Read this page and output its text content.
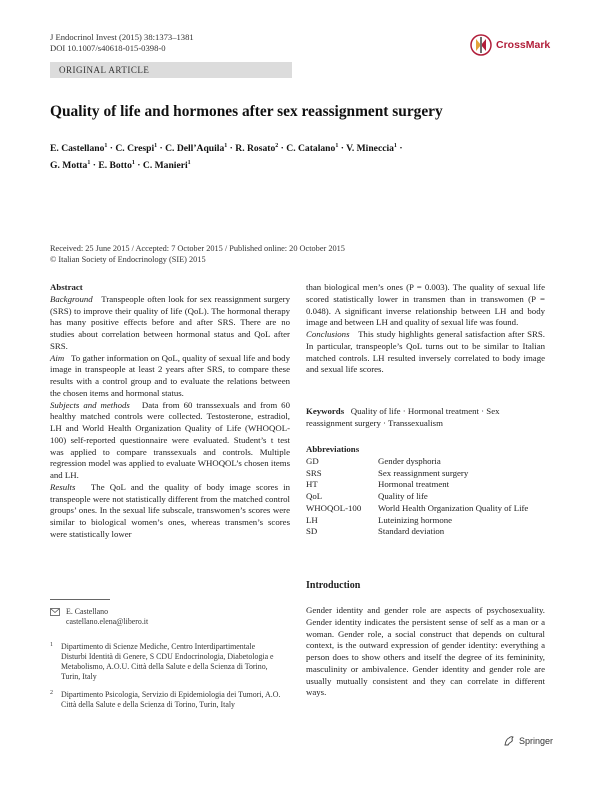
J Endocrinol Invest (2015) 38:1373–1381
DOI 10.1007/s40618-015-0398-0	CrossMark
ORIGINAL ARTICLE
Quality of life and hormones after sex reassignment surgery
E. Castellano$^1$ · C. Crespi$^1$ · C. Dell’Aquila$^1$ · R. Rosato$^2$ · C. Catalano$^1$ · V. Mineccia$^1$ ·
G. Motta$^1$ · E. Botto$^1$ · C. Manieri$^1$
Received: 25 June 2015 / Accepted: 7 October 2015 / Published online: 20 October 2015
© Italian Society of Endocrinology (SIE) 2015

Abstract

Background Transpeople often look for sex reassignment surgery (SRS) to improve their quality of life (QoL). The hormonal therapy has many positive effects before and after SRS. There are no studies about correlation between hormonal status and QoL after SRS.

Aim To gather information on QoL, quality of sexual life and body image in transpeople at least 2 years after SRS, to compare these results with a control group and to evaluate the relations between the chosen items and hormonal status.

Subjects and methods Data from 60 transsexuals and from 60 healthy matched controls were collected. Testosterone, estradiol, LH and World Health Organization Quality of Life (WHOQOL-100) self-reported questionnaire were evaluated. Student’s t test was applied to compare transsexuals and controls. Multiple regression model was applied to evaluate WHOQOL’s chosen items and LH.

Results The QoL and the quality of body image scores in transpeople were not statistically different from the matched control groups’ ones. In the sexual life subscale, transwomen’s scores were similar to biological women’s ones, whereas transmen’s scores were statistically lower

E. Castellano
castellano.elena@libero.it
1 Dipartimento di Scienze Mediche, Centro Interdipartimentale Disturbi Identità di Genere, S CDU Endocrinologia, Diabetologia e Metabolismo, A.O.U. Città della Salute e della Scienza di Torino, Turin, Italy
2 Dipartimento Psicologia, Servizio di Epidemiologia dei Tumori, A.O. Città della Salute e della Scienza di Torino, Turin, Italy

than biological men’s ones (P = 0.003). The quality of sexual life scored statistically lower in transmen than in transwomen (P = 0.048). A significant inverse relationship between LH and body image and between LH and quality of sexual life was found.

Conclusions This study highlights general satisfaction after SRS. In particular, transpeople’s QoL turns out to be similar to Italian matched controls. LH resulted inversely correlated to body image and sexual life scores.

Keywords Quality of life · Hormonal treatment · Sex reassignment surgery · Transsexualism
Abbreviations
GD	Gender dysphoria
SRS	Sex reassignment surgery
HT	Hormonal treatment
QoL	Quality of life
WHOQOL-100	World Health Organization Quality of Life
LH	Luteinizing hormone
SD	Standard deviation
Introduction
Gender identity and gender role are aspects of psychosexuality. Gender identity indicates the persistent sense of self as a man or a woman. Gender role, a social construct that depends on cultural context, is the outward expression of gender identity: everything a person does to show others and itself the degree of its femininity, masculinity or ambivalence. Gender identity and gender role are usually mutually consistent and they can correlate in different ways.
Springer
